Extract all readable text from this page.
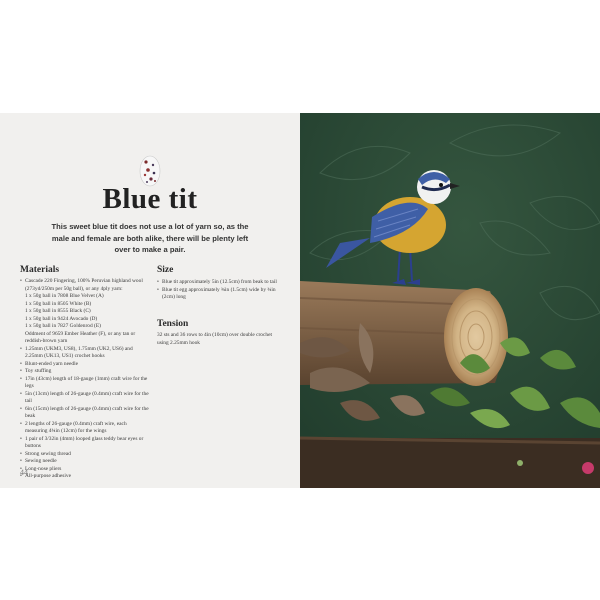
Blue tit
This sweet blue tit does not use a lot of yarn so, as the male and female are both alike, there will be plenty left over to make a pair.
Materials
• Cascade 220 Fingering, 100% Peruvian highland wool (273yd/250m per 50g ball), or any 4ply yarn:
1 x 50g ball in 7808 Blue Velvet (A)
1 x 50g ball in 8505 White (B)
1 x 50g ball in 8555 Black (C)
1 x 50g ball in 9424 Avocado (D)
1 x 50g ball in 7827 Goldenrod (E)
Oddment of 9659 Ember Heather (F), or any tan or reddish-brown yarn
• 1.25mm (UKM3, US8), 1.75mm (UK2, US6) and 2.25mm (UK13, US1) crochet hooks
• Blunt-ended yarn needle
• Toy stuffing
• 17in (43cm) length of 18-gauge (1mm) craft wire for the legs
• 5in (13cm) length of 26-gauge (0.4mm) craft wire for the tail
• 6in (15cm) length of 26-gauge (0.4mm) craft wire for the beak
• 2 lengths of 26-gauge (0.4mm) craft wire, each measuring 4¾in (12cm) for the wings
• 1 pair of 3/32in (4mm) looped glass teddy bear eyes or buttons
• Strong sewing thread
• Sewing needle
• Long-nose pliers
• All-purpose adhesive
Size
• Blue tit approximately 5in (12.5cm) from beak to tail
• Blue tit egg approximately ¾in (1.5cm) wide by ¾in (2cm) long
Tension
32 sts and 36 rows to 4in (10cm) over double crochet using 2.25mm hook
44
